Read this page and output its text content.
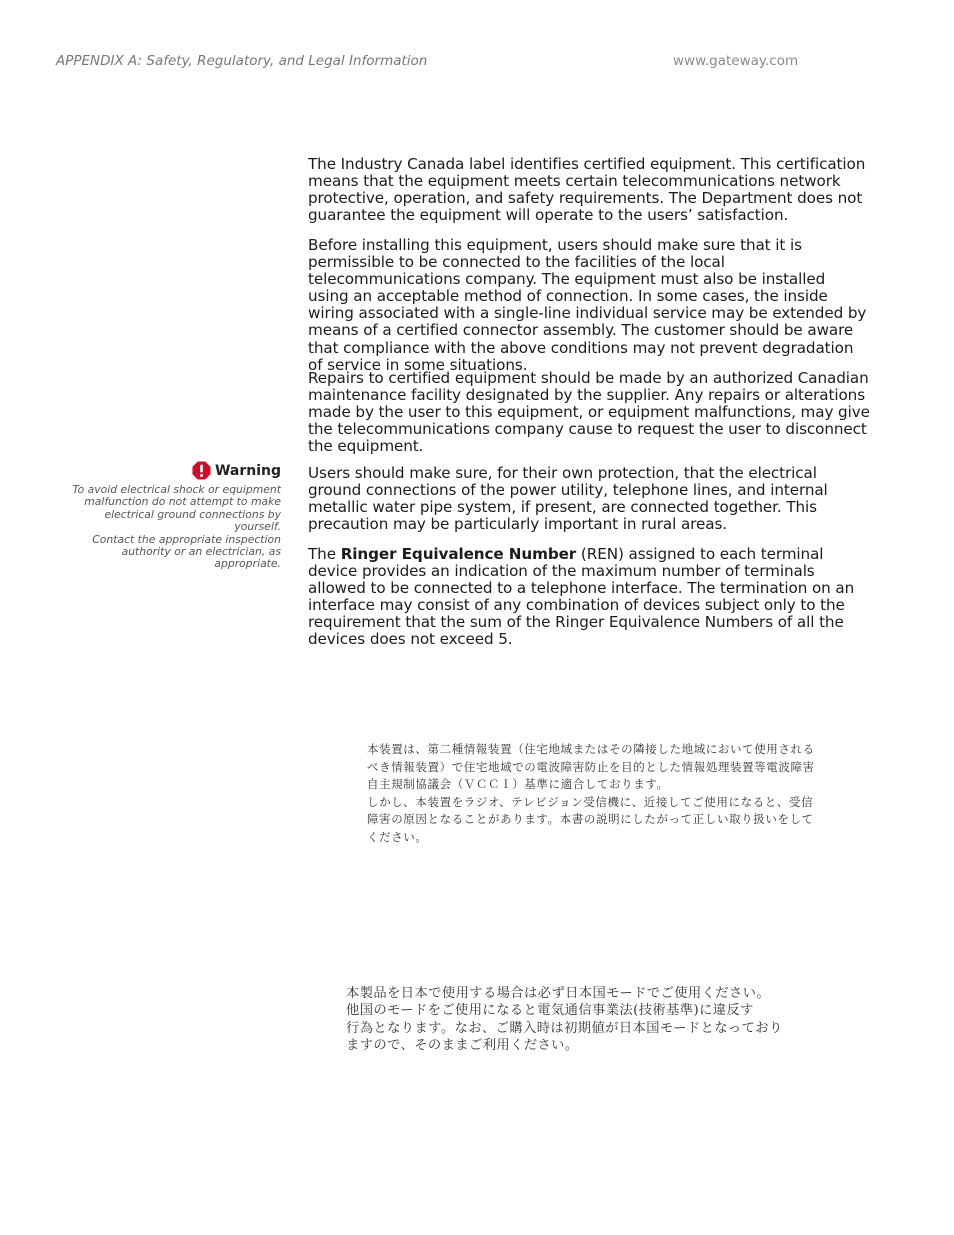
APPENDIX A: Safety, Regulatory, and Legal Information	www.gateway.com

The Industry Canada label identifies certified equipment. This certification means that the equipment meets certain telecommunications network protective, operation, and safety requirements. The Department does not guarantee the equipment will operate to the users’ satisfaction.

Before installing this equipment, users should make sure that it is permissible to be connected to the facilities of the local telecommunications company. The equipment must also be installed using an acceptable method of connection. In some cases, the inside wiring associated with a single-line individual service may be extended by means of a certified connector assembly. The customer should be aware that compliance with the above conditions may not prevent degradation of service in some situations.

Repairs to certified equipment should be made by an authorized Canadian maintenance facility designated by the supplier. Any repairs or alterations made by the user to this equipment, or equipment malfunctions, may give the telecommunications company cause to request the user to disconnect the equipment.

Users should make sure, for their own protection, that the electrical ground connections of the power utility, telephone lines, and internal metallic water pipe system, if present, are connected together. This precaution may be particularly important in rural areas.

The Ringer Equivalence Number (REN) assigned to each terminal device provides an indication of the maximum number of terminals allowed to be connected to a telephone interface. The termination on an interface may consist of any combination of devices subject only to the requirement that the sum of the Ringer Equivalence Numbers of all the devices does not exceed 5.

Warning
To avoid electrical shock or equipment
malfunction do not attempt to make
electrical ground connections by yourself.
Contact the appropriate inspection
authority or an electrician, as
appropriate.
本装置は、第二種情報装置（住宅地域またはその隣接した地域において使用される
べき情報装置）で住宅地域での電波障害防止を目的とした情報処理装置等電波障害
自主規制協議会（ＶＣＣＩ）基準に適合しております。
しかし、本装置をラジオ、テレビジョン受信機に、近接してご使用になると、受信
障害の原因となることがあります。本書の説明にしたがって正しい取り扱いをして
ください。
本製品を日本で使用する場合は必ず日本国モードでご使用ください。
他国のモードをご使用になると電気通信事業法(技術基準)に違反す
行為となります。なお、ご購入時は初期値が日本国モードとなっており
ますので、そのままご利用ください。
